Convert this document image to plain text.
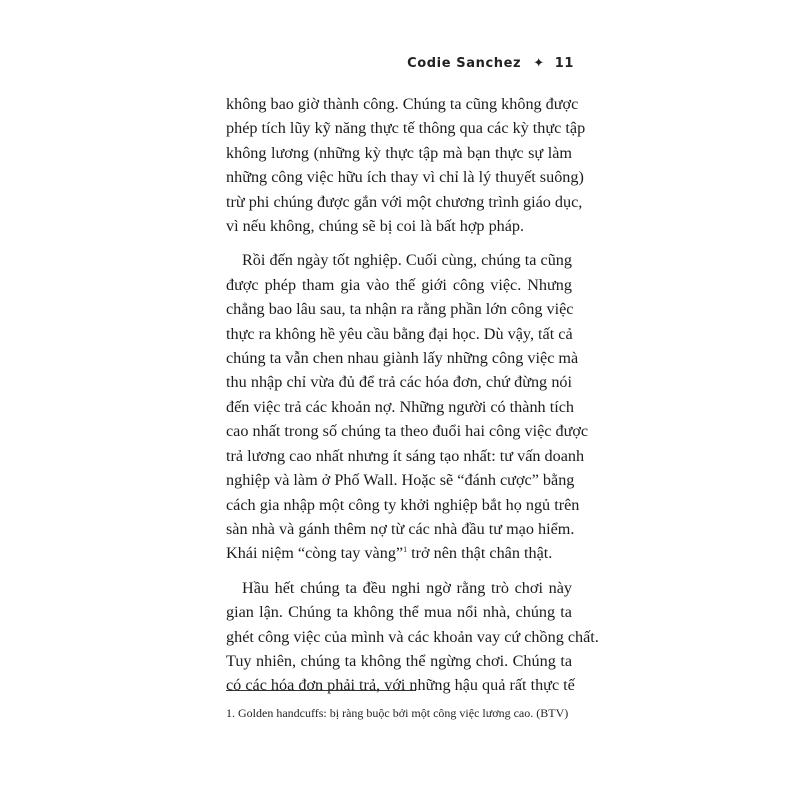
Codie Sanchez ✦ 11

không bao giờ thành công. Chúng ta cũng không được
phép tích lũy kỹ năng thực tế thông qua các kỳ thực tập
không lương (những kỳ thực tập mà bạn thực sự làm
những công việc hữu ích thay vì chỉ là lý thuyết suông)
trừ phi chúng được gắn với một chương trình giáo dục,
vì nếu không, chúng sẽ bị coi là bất hợp pháp.

Rồi đến ngày tốt nghiệp. Cuối cùng, chúng ta cũng
được phép tham gia vào thế giới công việc. Nhưng
chẳng bao lâu sau, ta nhận ra rằng phần lớn công việc
thực ra không hề yêu cầu bằng đại học. Dù vậy, tất cả
chúng ta vẫn chen nhau giành lấy những công việc mà
thu nhập chỉ vừa đủ để trả các hóa đơn, chứ đừng nói
đến việc trả các khoản nợ. Những người có thành tích
cao nhất trong số chúng ta theo đuổi hai công việc được
trả lương cao nhất nhưng ít sáng tạo nhất: tư vấn doanh
nghiệp và làm ở Phố Wall. Hoặc sẽ “đánh cược” bằng
cách gia nhập một công ty khởi nghiệp bắt họ ngủ trên
sàn nhà và gánh thêm nợ từ các nhà đầu tư mạo hiểm.
Khái niệm “còng tay vàng”$^1$ trở nên thật chân thật.

Hầu hết chúng ta đều nghi ngờ rằng trò chơi này
gian lận. Chúng ta không thể mua nổi nhà, chúng ta
ghét công việc của mình và các khoản vay cứ chồng chất.
Tuy nhiên, chúng ta không thể ngừng chơi. Chúng ta
có các hóa đơn phải trả, với những hậu quả rất thực tế

1. Golden handcuffs: bị ràng buộc bởi một công việc lương cao. (BTV)
